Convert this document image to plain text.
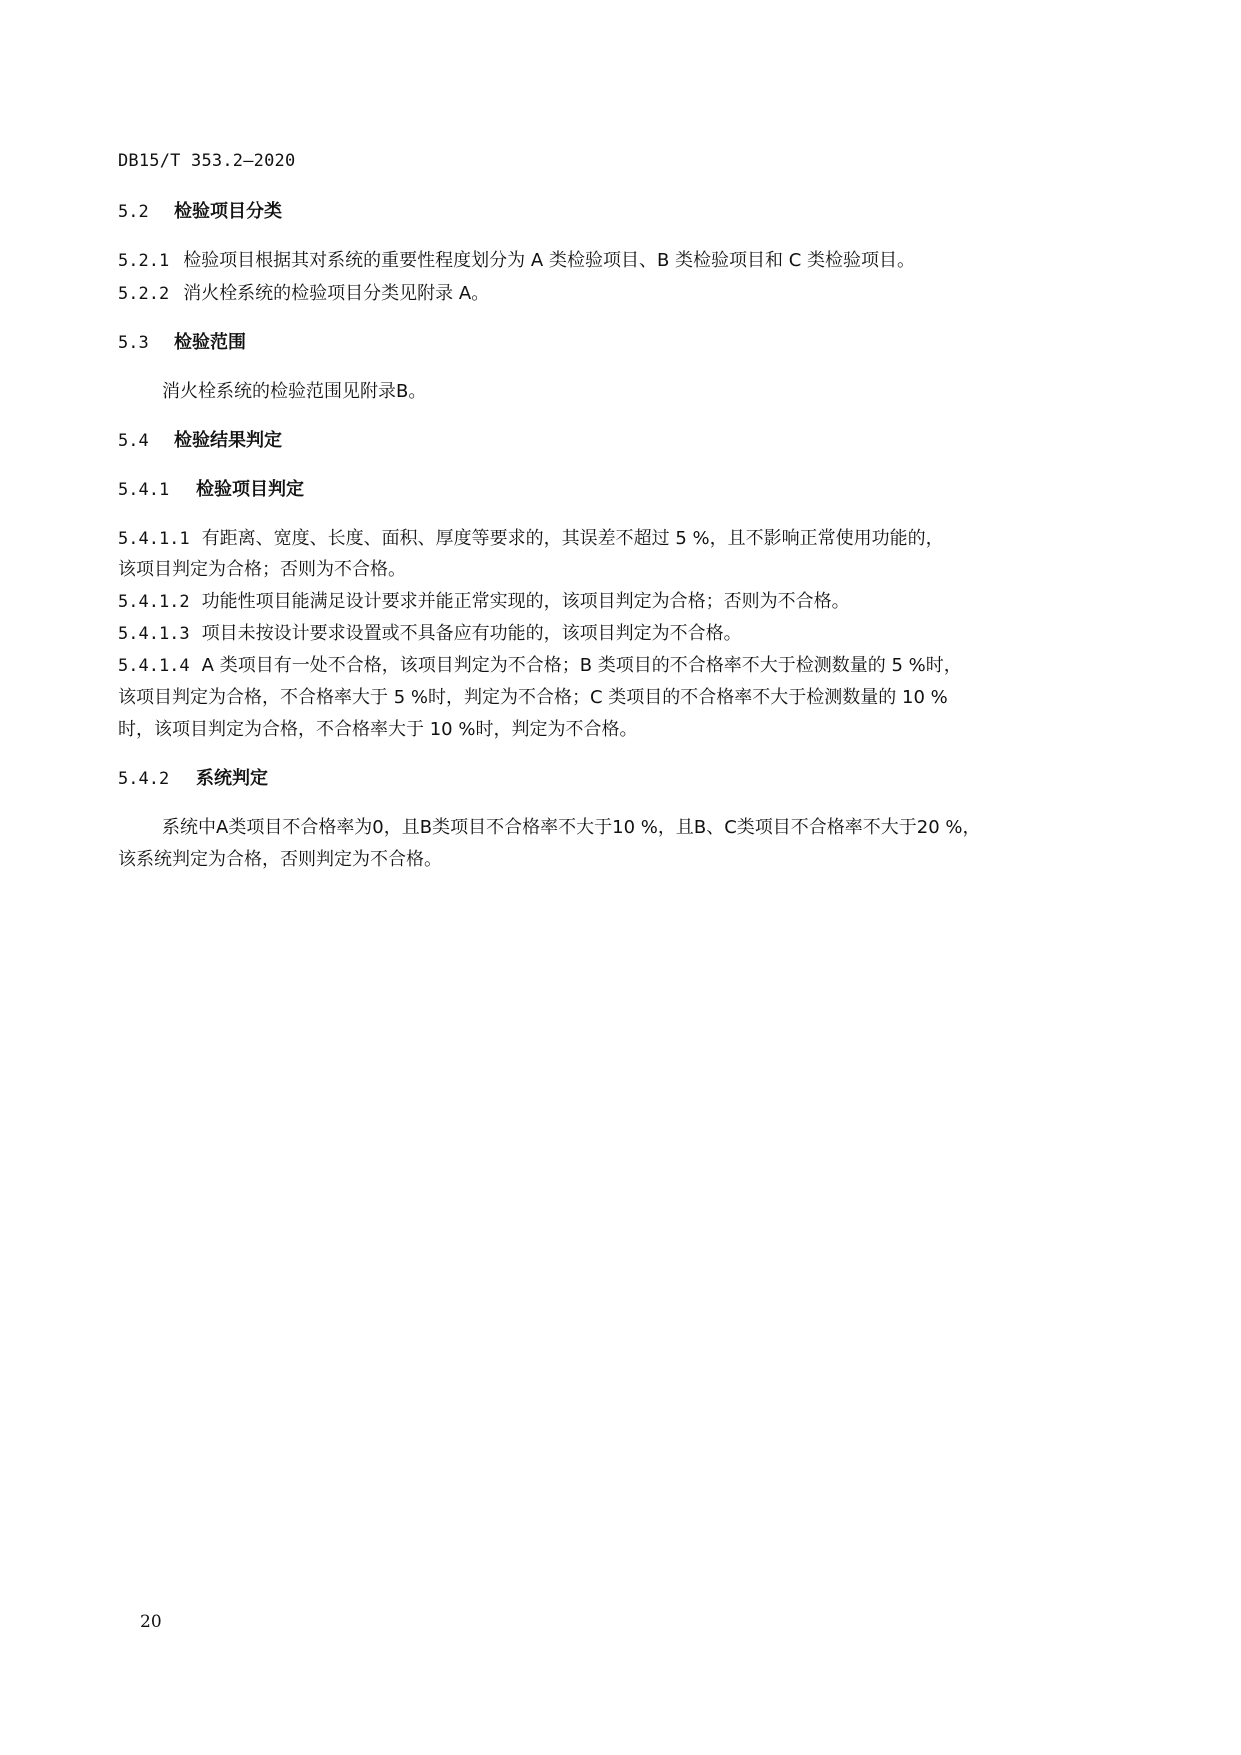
DB15/T 353.2—2020
5.2 检验项目分类
5.2.1 检验项目根据其对系统的重要性程度划分为 A 类检验项目、B 类检验项目和 C 类检验项目。
5.2.2 消火栓系统的检验项目分类见附录 A。
5.3 检验范围
消火栓系统的检验范围见附录B。
5.4 检验结果判定
5.4.1 检验项目判定
5.4.1.1 有距离、宽度、长度、面积、厚度等要求的，其误差不超过 5 %，且不影响正常使用功能的，
该项目判定为合格；否则为不合格。
5.4.1.2 功能性项目能满足设计要求并能正常实现的，该项目判定为合格；否则为不合格。
5.4.1.3 项目未按设计要求设置或不具备应有功能的，该项目判定为不合格。
5.4.1.4 A 类项目有一处不合格，该项目判定为不合格；B 类项目的不合格率不大于检测数量的 5 %时，
该项目判定为合格，不合格率大于 5 %时，判定为不合格；C 类项目的不合格率不大于检测数量的 10 %
时，该项目判定为合格，不合格率大于 10 %时，判定为不合格。
5.4.2 系统判定
系统中A类项目不合格率为0，且B类项目不合格率不大于10 %，且B、C类项目不合格率不大于20 %，
该系统判定为合格，否则判定为不合格。
20
